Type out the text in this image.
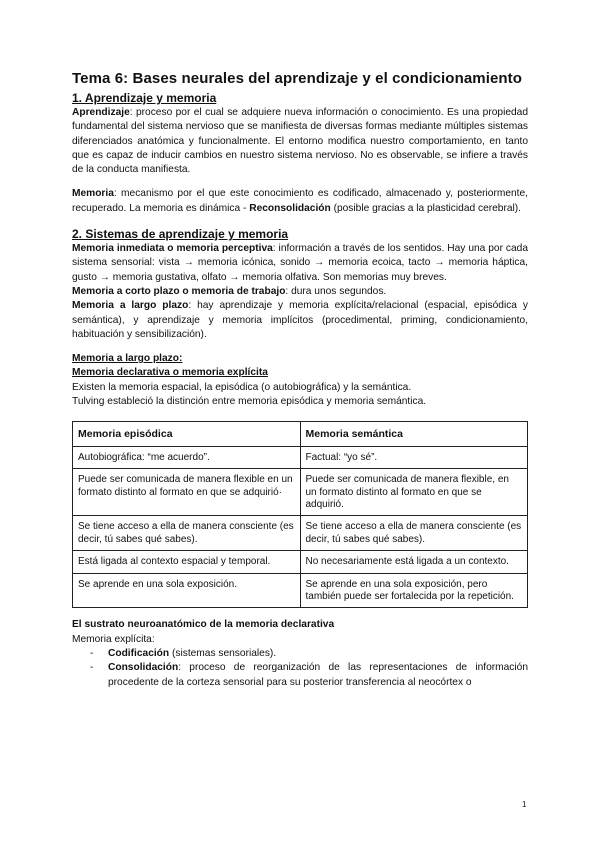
Tema 6: Bases neurales del aprendizaje y el condicionamiento
1. Aprendizaje y memoria

Aprendizaje: proceso por el cual se adquiere nueva información o conocimiento. Es una propiedad fundamental del sistema nervioso que se manifiesta de diversas formas mediante múltiples sistemas diferenciados anatómica y funcionalmente. El entorno modifica nuestro comportamiento, en tanto que es capaz de inducir cambios en nuestro sistema nervioso. No es observable, se infiere a través de la conducta manifiesta.

Memoria: mecanismo por el que este conocimiento es codificado, almacenado y, posteriormente, recuperado. La memoria es dinámica - Reconsolidación (posible gracias a la plasticidad cerebral).

2. Sistemas de aprendizaje y memoria

Memoria inmediata o memoria perceptiva: información a través de los sentidos. Hay una por cada sistema sensorial: vista → memoria icónica, sonido → memoria ecoica, tacto → memoria háptica, gusto → memoria gustativa, olfato → memoria olfativa. Son memorias muy breves.

Memoria a corto plazo o memoria de trabajo: dura unos segundos.

Memoria a largo plazo: hay aprendizaje y memoria explícita/relacional (espacial, episódica y semántica), y aprendizaje y memoria implícitos (procedimental, priming, condicionamiento, habituación y sensibilización).

Memoria a largo plazo:

Memoria declarativa o memoria explícita

Existen la memoria espacial, la episódica (o autobiográfica) y la semántica.

Tulving estableció la distinción entre memoria episódica y memoria semántica.

Memoria episódica	Memoria semántica
Autobiográfica: “me acuerdo”.	Factual: “yo sé”.
Puede ser comunicada de manera flexible en un formato distinto al formato en que se adquirió·	Puede ser comunicada de manera flexible, en un formato distinto al formato en que se adquirió.
Se tiene acceso a ella de manera consciente (es decir, tú sabes qué sabes).	Se tiene acceso a ella de manera consciente (es decir, tú sabes qué sabes).
Está ligada al contexto espacial y temporal.	No necesariamente está ligada a un contexto.
Se aprende en una sola exposición.	Se aprende en una sola exposición, pero también puede ser fortalecida por la repetición.

El sustrato neuroanatómico de la memoria declarativa

Memoria explícita:

- Codificación (sistemas sensoriales).
- Consolidación: proceso de reorganización de las representaciones de información procedente de la corteza sensorial para su posterior transferencia al neocórtex o
1
